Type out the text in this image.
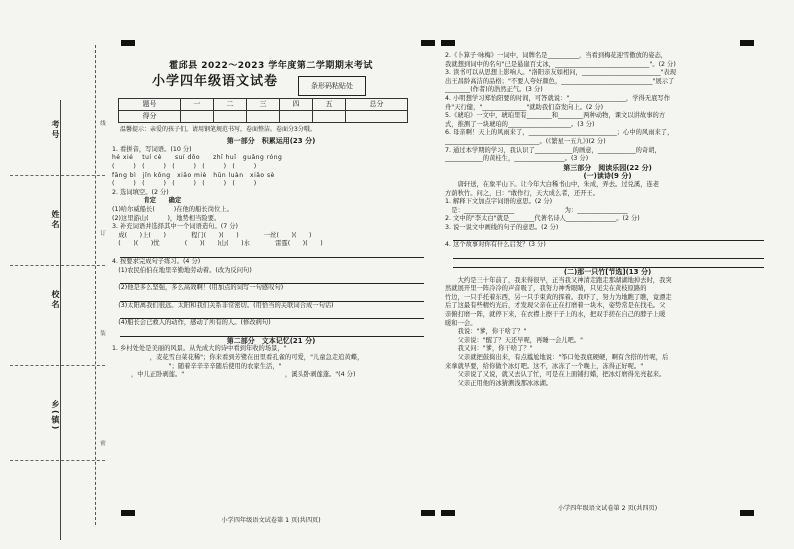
考号
姓名
校名
乡(镇)
线
订
装
密
霍邱县 2022～2023 学年度第二学期期末考试
小学四年级语文试卷	条形码粘贴处
题号	一	二	三	四	五	总分
得分						
温馨提示：亲爱的孩子们，请用钢笔规范书写，卷面整洁。卷面分3分哦。
第一部分　积累运用(23 分)
1. 看拼音，写词语。(10 分)
hé xié　 tuí cè　　suí dōo　　zhī huī　guǎng róng
(　　　)　(　　　)　(　　　)　(　　　)　(　　　)
fāng bì　jǐn kōng　xiāo miè　hūn luàn　xiǎo sè
(　　　)　(　　　)　(　　　)　(　　　)　(　　　)
2. 选词填空。(2 分)
　　　　　肯定　　确定
(1)哈尔威船长(　　　)在他的船长岗位上。
(2)这里游山(　　　)，地势相当险要。
3. 补充词语并选择其中一个词语造句。(7 分)
　成(　　)上(　　)　　　　程门(　　)(　　)　　　　一丝(　　)(　　)
　(　　)(　　)忧　　　　(　　)(　　)山(　　)水　　　　雷霆(　　)(　　)
4. 按要求完成句子练习。(4 分)
　(1)农民伯伯在地里辛勤地劳动着。(改为反问句)
　(2)他是多么坚强，多么高效啊！(用加点的词写一句感叹句)
　(3)太阳离我们很远。太阳和我们关系非常密切。(用恰当的关联词合成一句话)
　(4)船长会已救人的动作，感动了所有的人。(修改病句)
第二部分　文本记忆(21 分)
1. 乡村处处是美丽的风景。从先成大的诗中看到年收的场景，"
　　　　　　，麦花雪白菜花稀"；你来看到芳鹭在田里看孔雀的可爱，"儿童急走追黄蝶，
　　　　　　　　　"；随着辛辛辛辛随后使用的农家生活，"
　　　，中儿正卧剥莲。"　　　　　　　　　　　　　　　　，溪头卧剥莲蓬。"(4 分)
小学四年级语文试卷第 1 页(共四页)
2.《卜算子·咏梅》一词中，词牌名是__________，当看到梅花迎雪傲放的姿态，
我就想到词中的名句"已是悬崖百丈冰，______________________________"。(2 分)
3. 读书可以从思想上影响人。"洛阳亲友如相问，_________________________"表现
出王昌龄高洁的品格；"不要人夸好颜色，_____________________________"展示了
________(作者)的浩然正气。(3 分)
4. 小明想学习郑怡阳要的时间，可答就说："__________________，学得无底写作
舟"天行健，"______________"就助我们奋发向上。(2 分)
5.《琥珀》一文中，琥珀里有________和________两种动物，课文以讲故事的方
式，推测了一块琥珀的____________________。(3 分)
6. 母亲啊！天上的风雨来了，____________________________；心中的风雨来了，
______________________________。(《繁星一五九》)(2 分)
7. 通过本学期的学习，我认识了____________的画意，____________的奇胡，
____________的黄桂生，________________。(3 分)
第三部分　阅读乐园(22 分)
(一)读诗(9 分)
　　唐轩送，在象平山下。让今年大白稀书山中，朱成，弄去。过兑溪，连老
方荫秋竹。问之，曰："敢作行，天大成么者，还开王。
1. 解释下文加点字词语的意思。(2 分)
　是：________________　　　　　　　　为：________________
2. 文中的"李太白"就是________代著名诗人________________。(2 分)
3. 说一说文中画线的句子的意思。(2 分)
4. 这个故事对你有什么启发？(3 分)
(二)那一只竹[节选](13 分)
　　大约是三十年前了，我来得很早，正当我又神清走跑走那湖湖地掉去时，我突
然就展开里一阵冷冷的声音吸了，我努力神秀眼睛，只见尖在黄枝原路的
竹边，一只手托着东西，另一只手束黄的挥着。我吓了，努力为地瞧了瞧，竟漂走
后了这最有些精灼光后，才发现父亲在正在打磨着一块木，姿势常是在找毛。父
亲俯打磨一阵，就停下来，在衣襟上擦干子上的水，把双手搓在自己的脖子上暖
暖和一会。
　　我说："爹，你干啥了？"
　　父亲说："醒了？天还早呢，再睡一会儿吧。"
　　我又问："爹，你干啥了？"
　　父亲就把鼓捣出来，有点尴尬地说："筝口处我底硬硬，啊有含搭的竹呢，后
来拿就早要，给你做个冰灯吧。这不，冰冻了一个晚上，冻得正好呢。"
　　父亲说了又说，就又去认了忙，可是在上面铺打蜡，把冰灯磨得光亮起来。
　　父亲正用他的冰猜测浅那冰冰湖。
小学四年级语文试卷第 2 页(共四页)
